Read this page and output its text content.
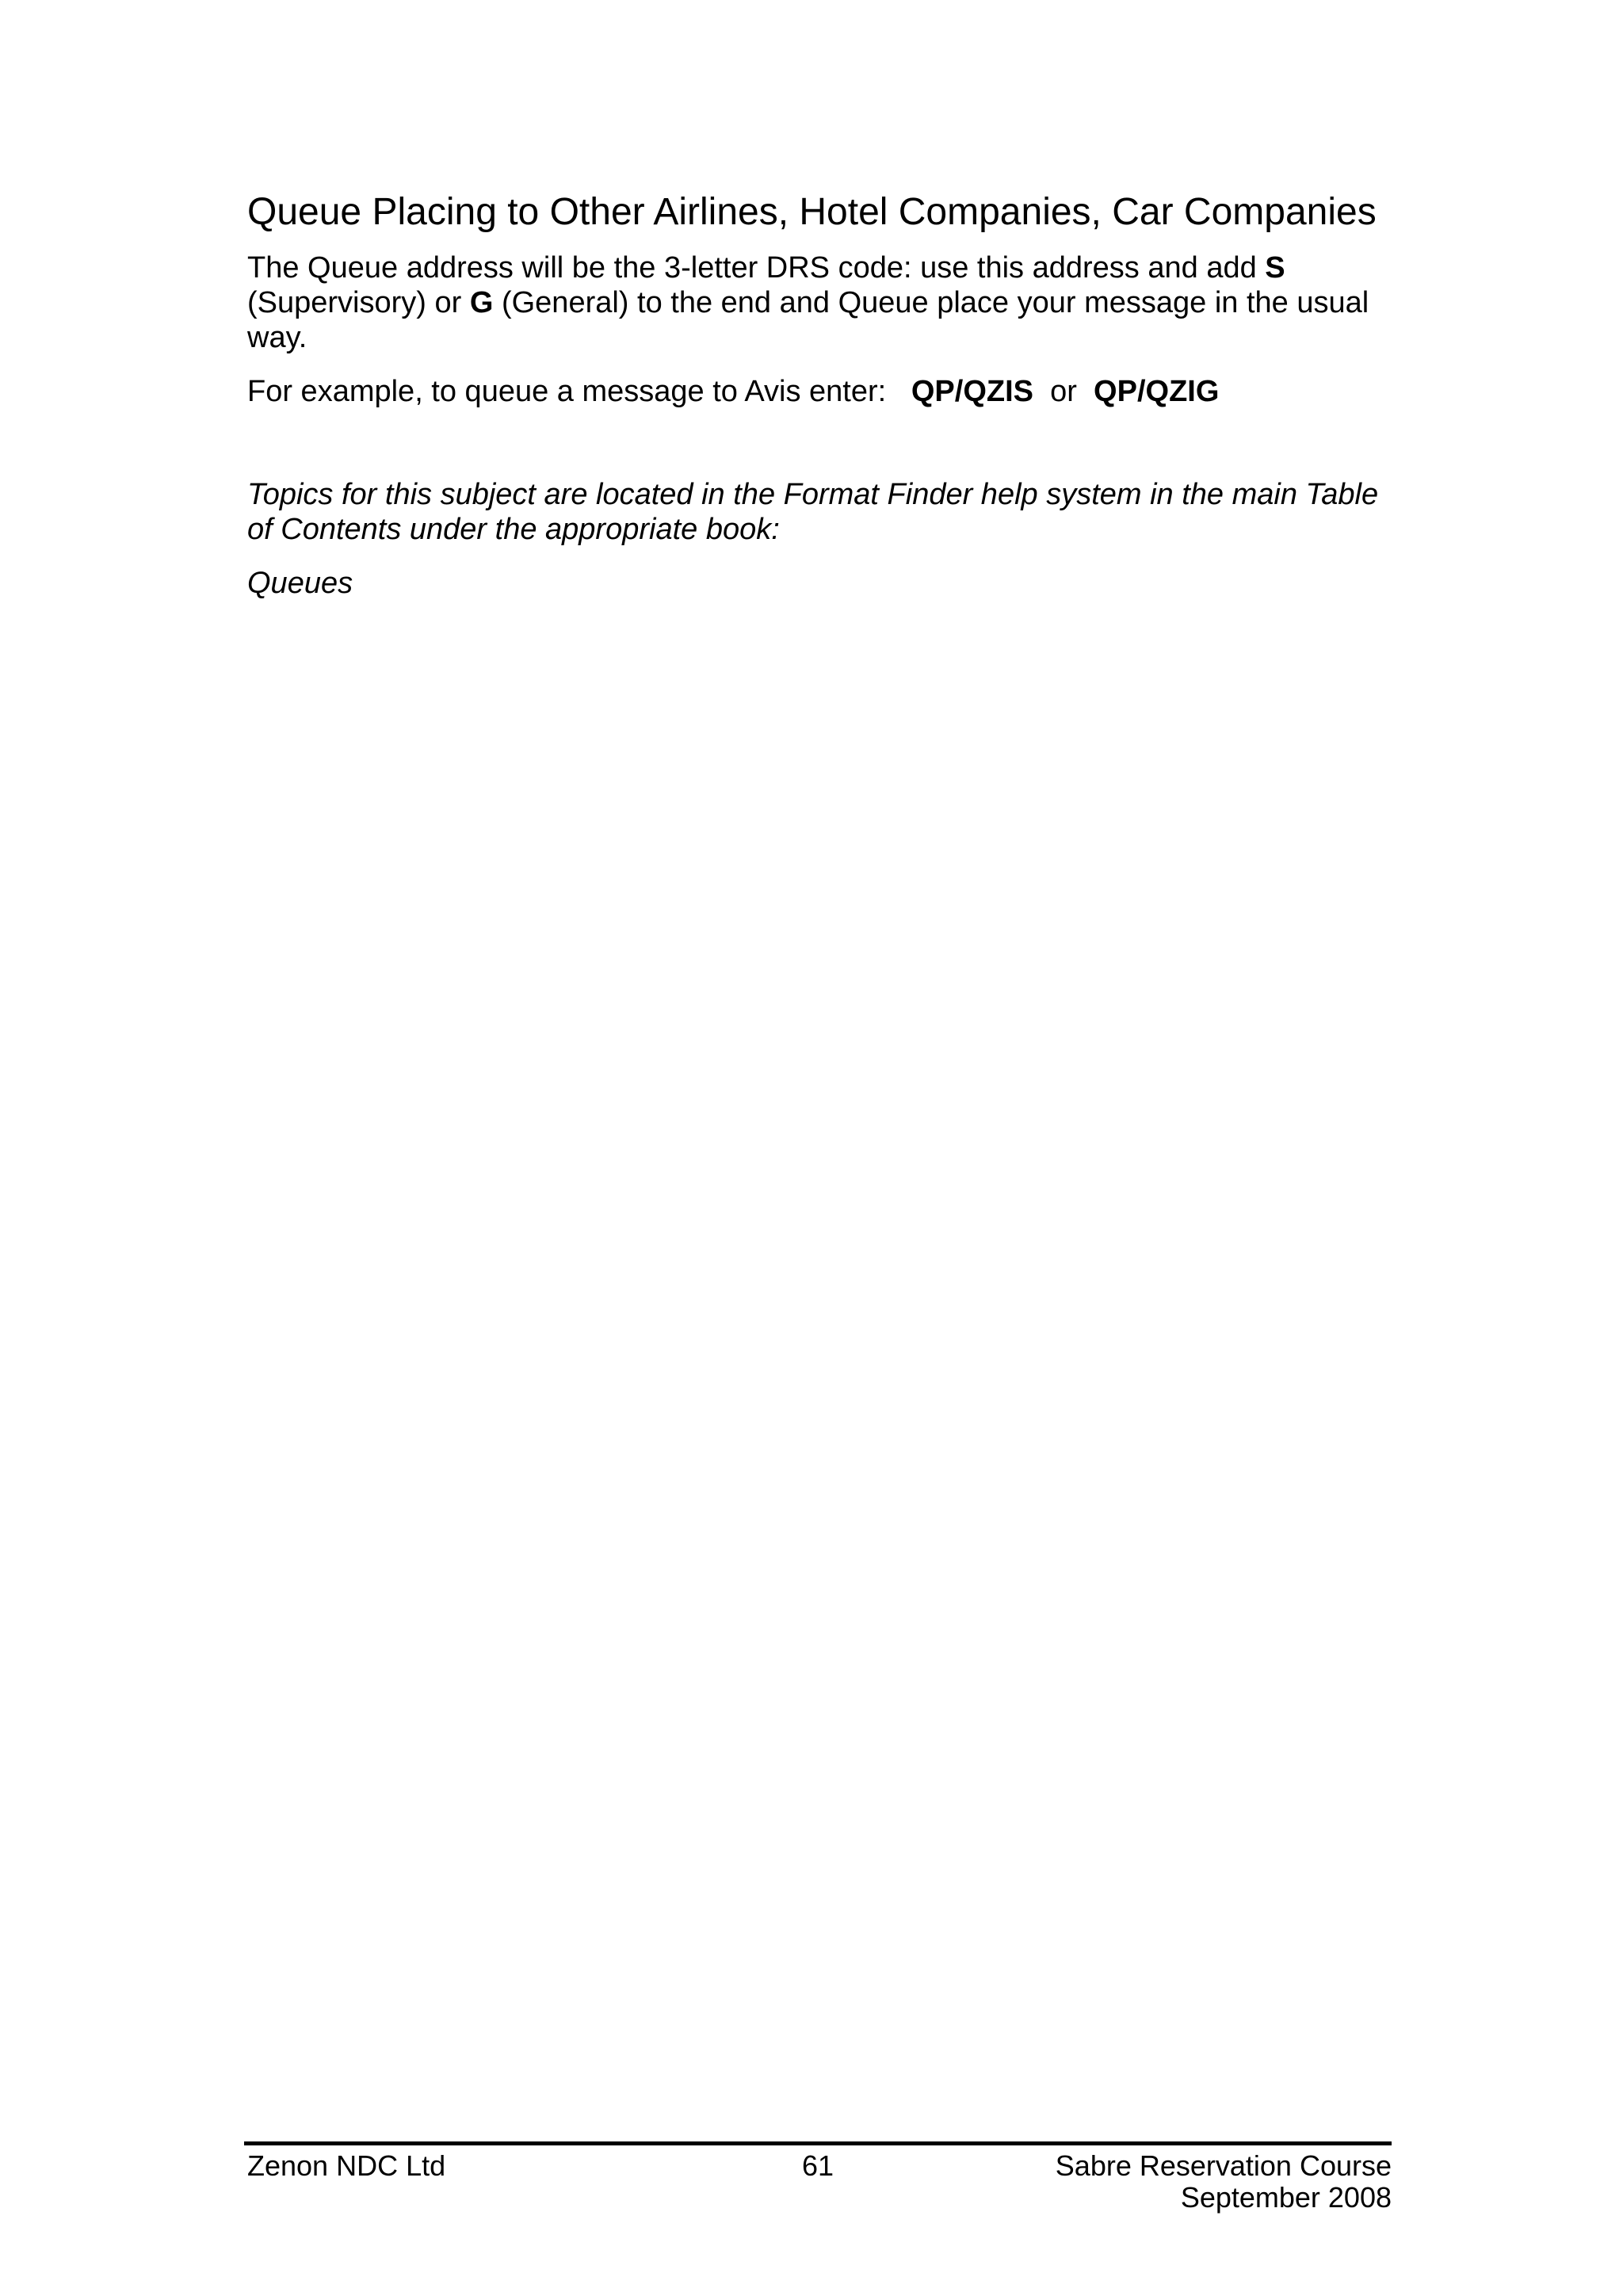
Queue Placing to Other Airlines, Hotel Companies, Car Companies

The Queue address will be the 3-letter DRS code: use this address and add S (Supervisory) or G (General) to the end and Queue place your message in the usual way.

For example, to queue a message to Avis enter:   QP/QZIS  or  QP/QZIG

Topics for this subject are located in the Format Finder help system in the main Table of Contents under the appropriate book:

Queues

Zenon NDC Ltd	61	Sabre Reservation Course
September 2008
